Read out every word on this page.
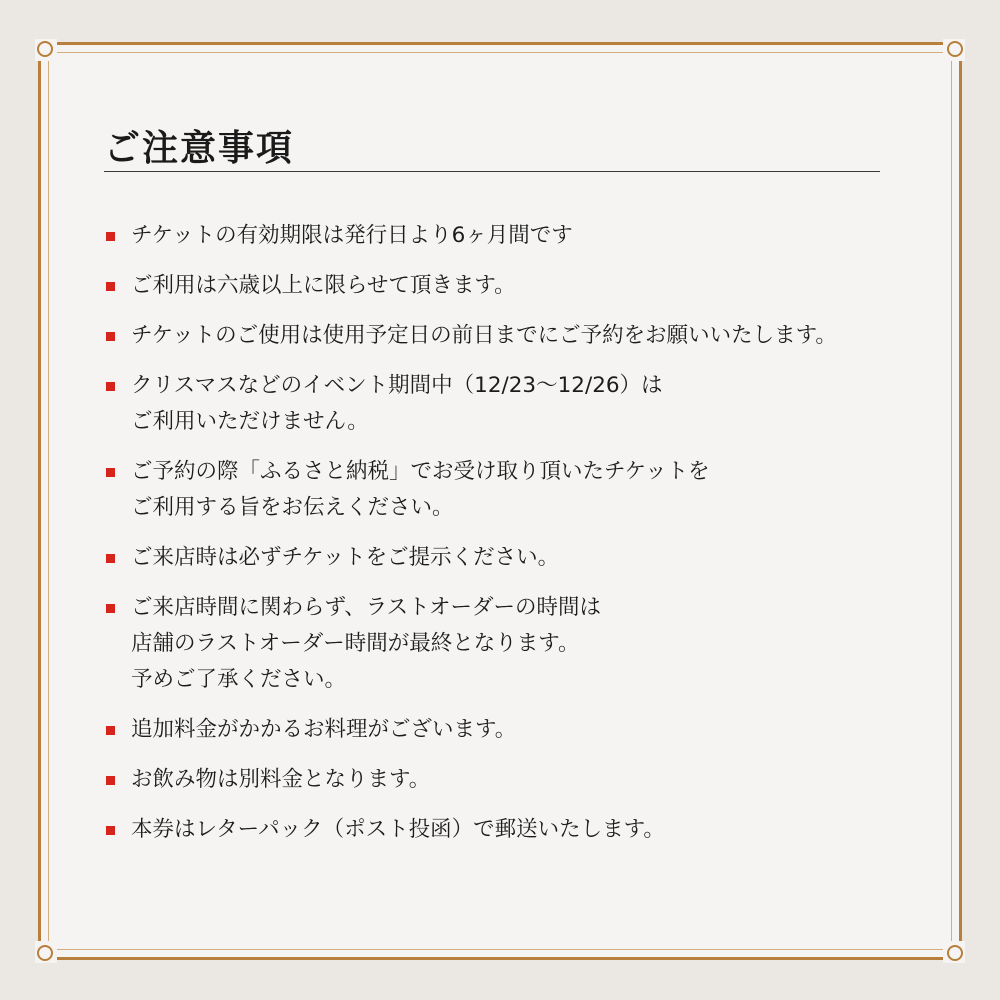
ご注意事項
チケットの有効期限は発行日より6ヶ月間です
ご利用は六歳以上に限らせて頂きます。
チケットのご使用は使用予定日の前日までにご予約をお願いいたします。
クリスマスなどのイベント期間中（12/23〜12/26）は
ご利用いただけません。
ご予約の際「ふるさと納税」でお受け取り頂いたチケットを
ご利用する旨をお伝えください。
ご来店時は必ずチケットをご提示ください。
ご来店時間に関わらず、ラストオーダーの時間は
店舗のラストオーダー時間が最終となります。
予めご了承ください。
追加料金がかかるお料理がございます。
お飲み物は別料金となります。
本券はレターパック（ポスト投函）で郵送いたします。
